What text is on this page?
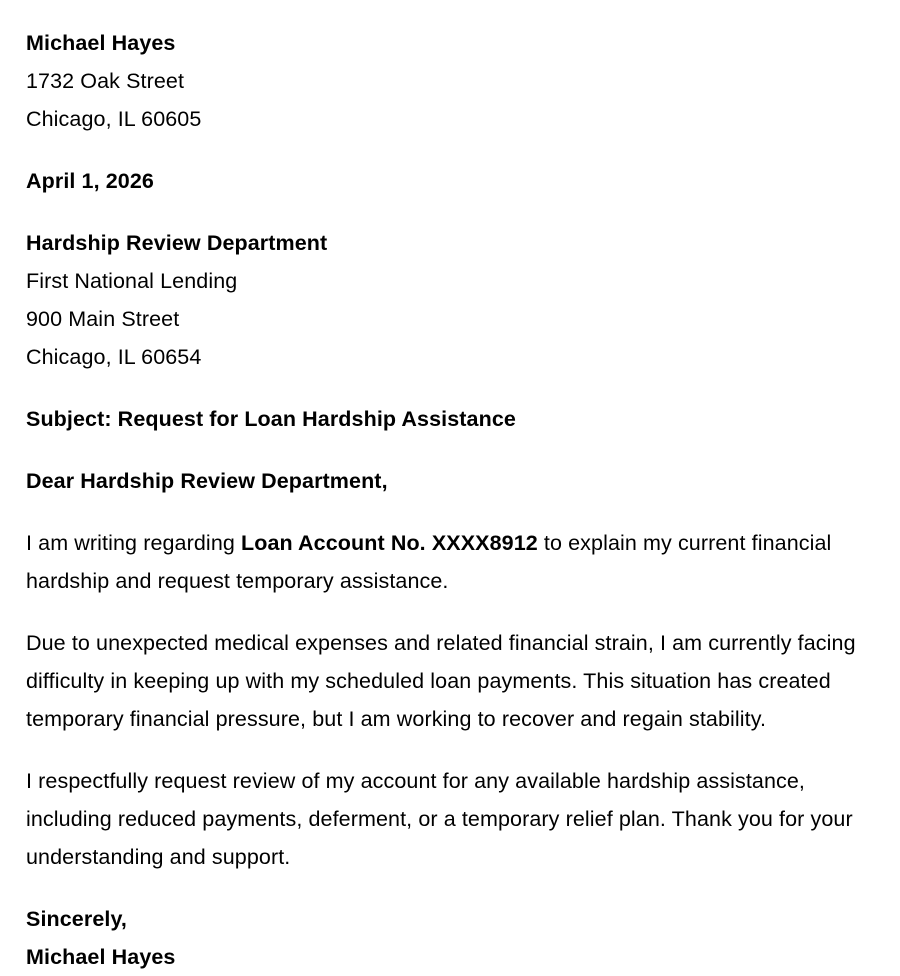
Michael Hayes
1732 Oak Street
Chicago, IL 60605
April 1, 2026
Hardship Review Department
First National Lending
900 Main Street
Chicago, IL 60654
Subject: Request for Loan Hardship Assistance
Dear Hardship Review Department,

I am writing regarding Loan Account No. XXXX8912 to explain my current financial hardship and request temporary assistance.

Due to unexpected medical expenses and related financial strain, I am currently facing difficulty in keeping up with my scheduled loan payments. This situation has created temporary financial pressure, but I am working to recover and regain stability.

I respectfully request review of my account for any available hardship assistance, including reduced payments, deferment, or a temporary relief plan. Thank you for your understanding and support.

Sincerely,
Michael Hayes
